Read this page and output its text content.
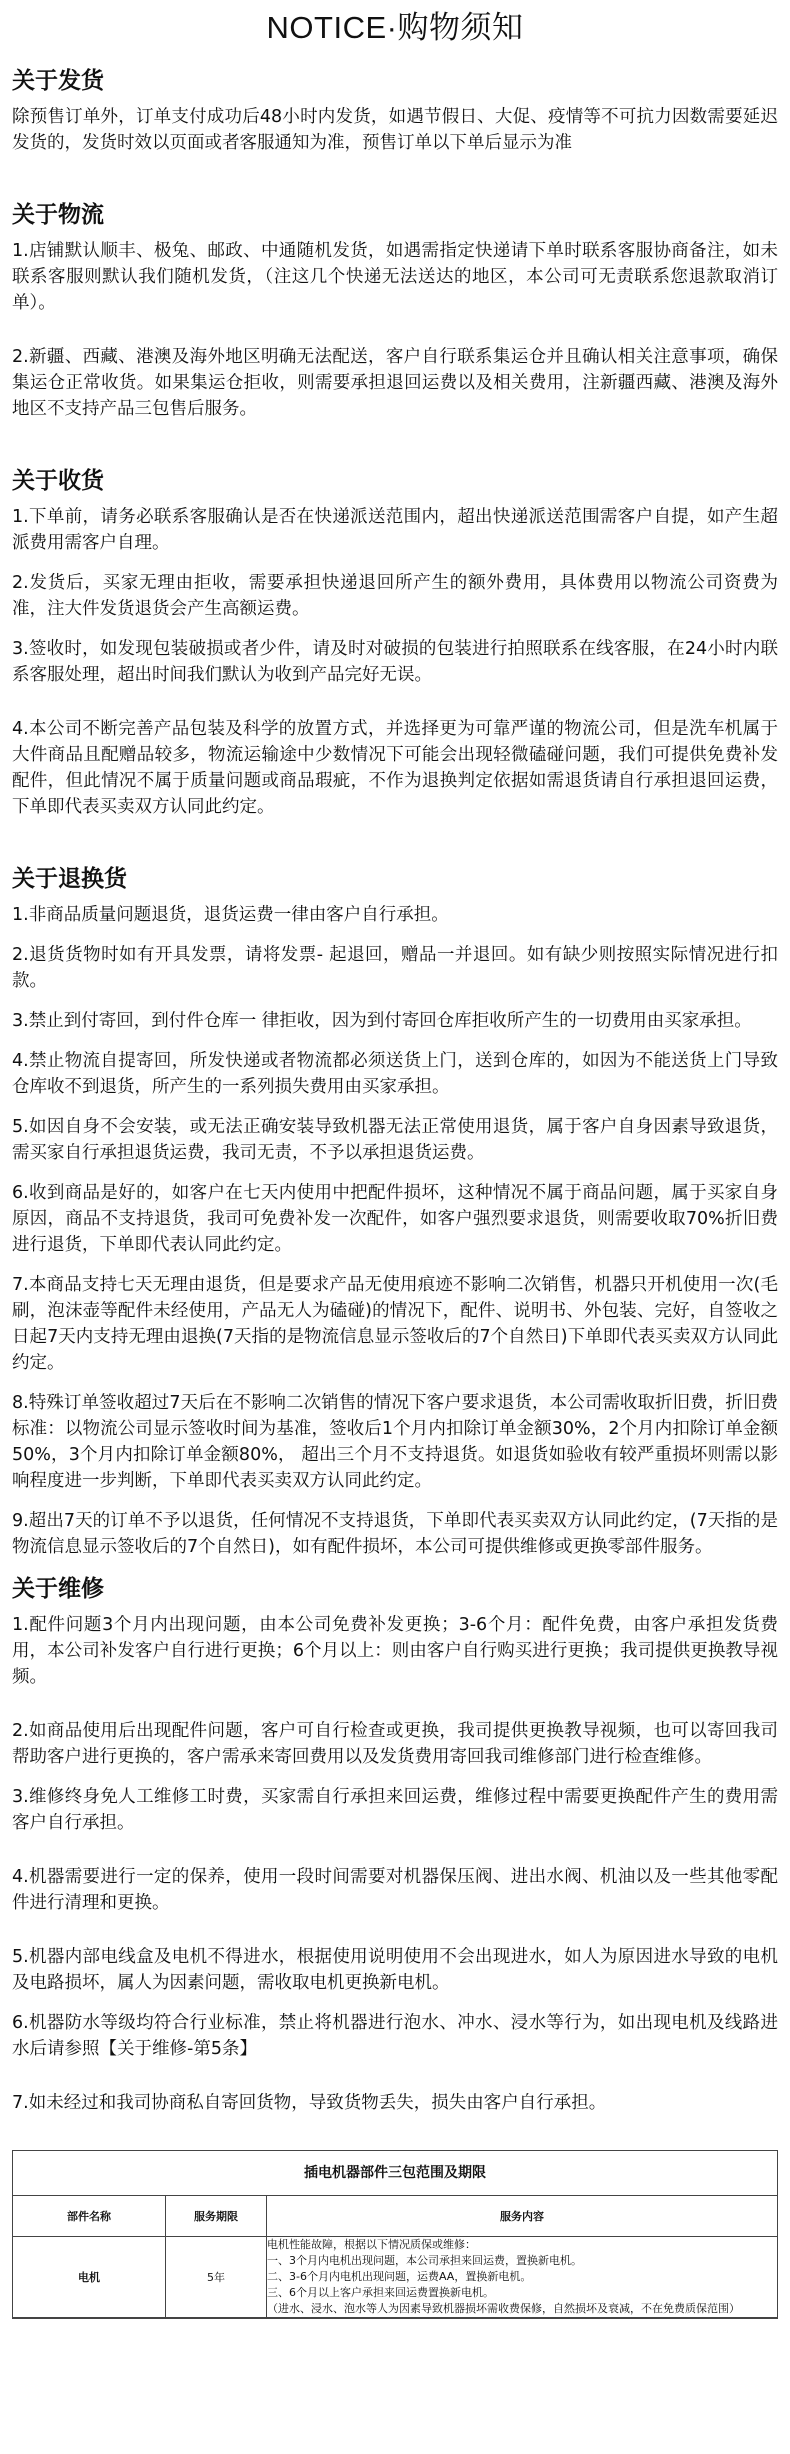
NOTICE·购物须知
关于发货

除预售订单外，订单支付成功后48小时内发货，如遇节假日、大促、疫情等不可抗力因数需要延迟发货的，发货时效以页面或者客服通知为准，预售订单以下单后显示为准

关于物流

1.店铺默认顺丰、极兔、邮政、中通随机发货，如遇需指定快递请下单时联系客服协商备注，如未联系客服则默认我们随机发货，（注这几个快递无法送达的地区，本公司可无责联系您退款取消订单）。

2.新疆、西藏、港澳及海外地区明确无法配送，客户自行联系集运仓并且确认相关注意事项，确保集运仓正常收货。如果集运仓拒收，则需要承担退回运费以及相关费用，注新疆西藏、港澳及海外地区不支持产品三包售后服务。

关于收货

1.下单前，请务必联系客服确认是否在快递派送范围内，超出快递派送范围需客户自提，如产生超派费用需客户自理。

2.发货后，买家无理由拒收，需要承担快递退回所产生的额外费用，具体费用以物流公司资费为准，注大件发货退货会产生高额运费。

3.签收时，如发现包装破损或者少件，请及时对破损的包装进行拍照联系在线客服，在24小时内联系客服处理，超出时间我们默认为收到产品完好无误。

4.本公司不断完善产品包装及科学的放置方式，并选择更为可靠严谨的物流公司，但是洗车机属于大件商品且配赠品较多，物流运输途中少数情况下可能会出现轻微磕碰问题，我们可提供免费补发配件，但此情况不属于质量问题或商品瑕疵，不作为退换判定依据如需退货请自行承担退回运费，下单即代表买卖双方认同此约定。

关于退换货

1.非商品质量问题退货，退货运费一律由客户自行承担。

2.退货货物时如有开具发票，请将发票- 起退回，赠品一并退回。如有缺少则按照实际情况进行扣款。

3.禁止到付寄回，到付件仓库一 律拒收，因为到付寄回仓库拒收所产生的一切费用由买家承担。

4.禁止物流自提寄回，所发快递或者物流都必须送货上门，送到仓库的，如因为不能送货上门导致仓库收不到退货，所产生的一系列损失费用由买家承担。

5.如因自身不会安装，或无法正确安装导致机器无法正常使用退货，属于客户自身因素导致退货，需买家自行承担退货运费，我司无责，不予以承担退货运费。

6.收到商品是好的，如客户在七天内使用中把配件损坏，这种情况不属于商品问题，属于买家自身原因，商品不支持退货，我司可免费补发一次配件，如客户强烈要求退货，则需要收取70%折旧费进行退货，下单即代表认同此约定。

7.本商品支持七天无理由退货，但是要求产品无使用痕迹不影响二次销售，机器只开机使用一次(毛刷，泡沫壶等配件未经使用，产品无人为磕碰)的情况下，配件、说明书、外包装、完好，自签收之日起7天内支持无理由退换(7天指的是物流信息显示签收后的7个自然日)下单即代表买卖双方认同此约定。

8.特殊订单签收超过7天后在不影响二次销售的情况下客户要求退货，本公司需收取折旧费，折旧费标准：以物流公司显示签收时间为基准，签收后1个月内扣除订单金额30%，2个月内扣除订单金额50%，3个月内扣除订单金额80%， 超出三个月不支持退货。如退货如验收有较严重损坏则需以影响程度进一步判断，下单即代表买卖双方认同此约定。

9.超出7天的订单不予以退货，任何情况不支持退货，下单即代表买卖双方认同此约定，(7天指的是物流信息显示签收后的7个自然日)，如有配件损坏，本公司可提供维修或更换零部件服务。

关于维修

1.配件问题3个月内出现问题，由本公司免费补发更换；3-6个月：配件免费，由客户承担发货费用，本公司补发客户自行进行更换；6个月以上：则由客户自行购买进行更换；我司提供更换教导视频。

2.如商品使用后出现配件问题，客户可自行检查或更换，我司提供更换教导视频，也可以寄回我司帮助客户进行更换的，客户需承来寄回费用以及发货费用寄回我司维修部门进行检查维修。

3.维修终身免人工维修工时费，买家需自行承担来回运费，维修过程中需要更换配件产生的费用需客户自行承担。

4.机器需要进行一定的保养，使用一段时间需要对机器保压阀、进出水阀、机油以及一些其他零配件进行清理和更换。

5.机器内部电线盒及电机不得进水，根据使用说明使用不会出现进水，如人为原因进水导致的电机及电路损坏，属人为因素问题，需收取电机更换新电机。

6.机器防水等级均符合行业标准，禁止将机器进行泡水、冲水、浸水等行为，如出现电机及线路进水后请参照【关于维修-第5条】

7.如未经过和我司协商私自寄回货物，导致货物丢失，损失由客户自行承担。

插电机器部件三包范围及期限
部件名称	服务期限	服务内容
电机	5年	电机性能故障，根据以下情况质保或维修：
一、3个月内电机出现问题，本公司承担来回运费，置换新电机。
二、3-6个月内电机出现问题，运费AA，置换新电机。
三、6个月以上客户承担来回运费置换新电机。
（进水、浸水、泡水等人为因素导致机器损坏需收费保修，自然损坏及衰减，不在免费质保范围）
